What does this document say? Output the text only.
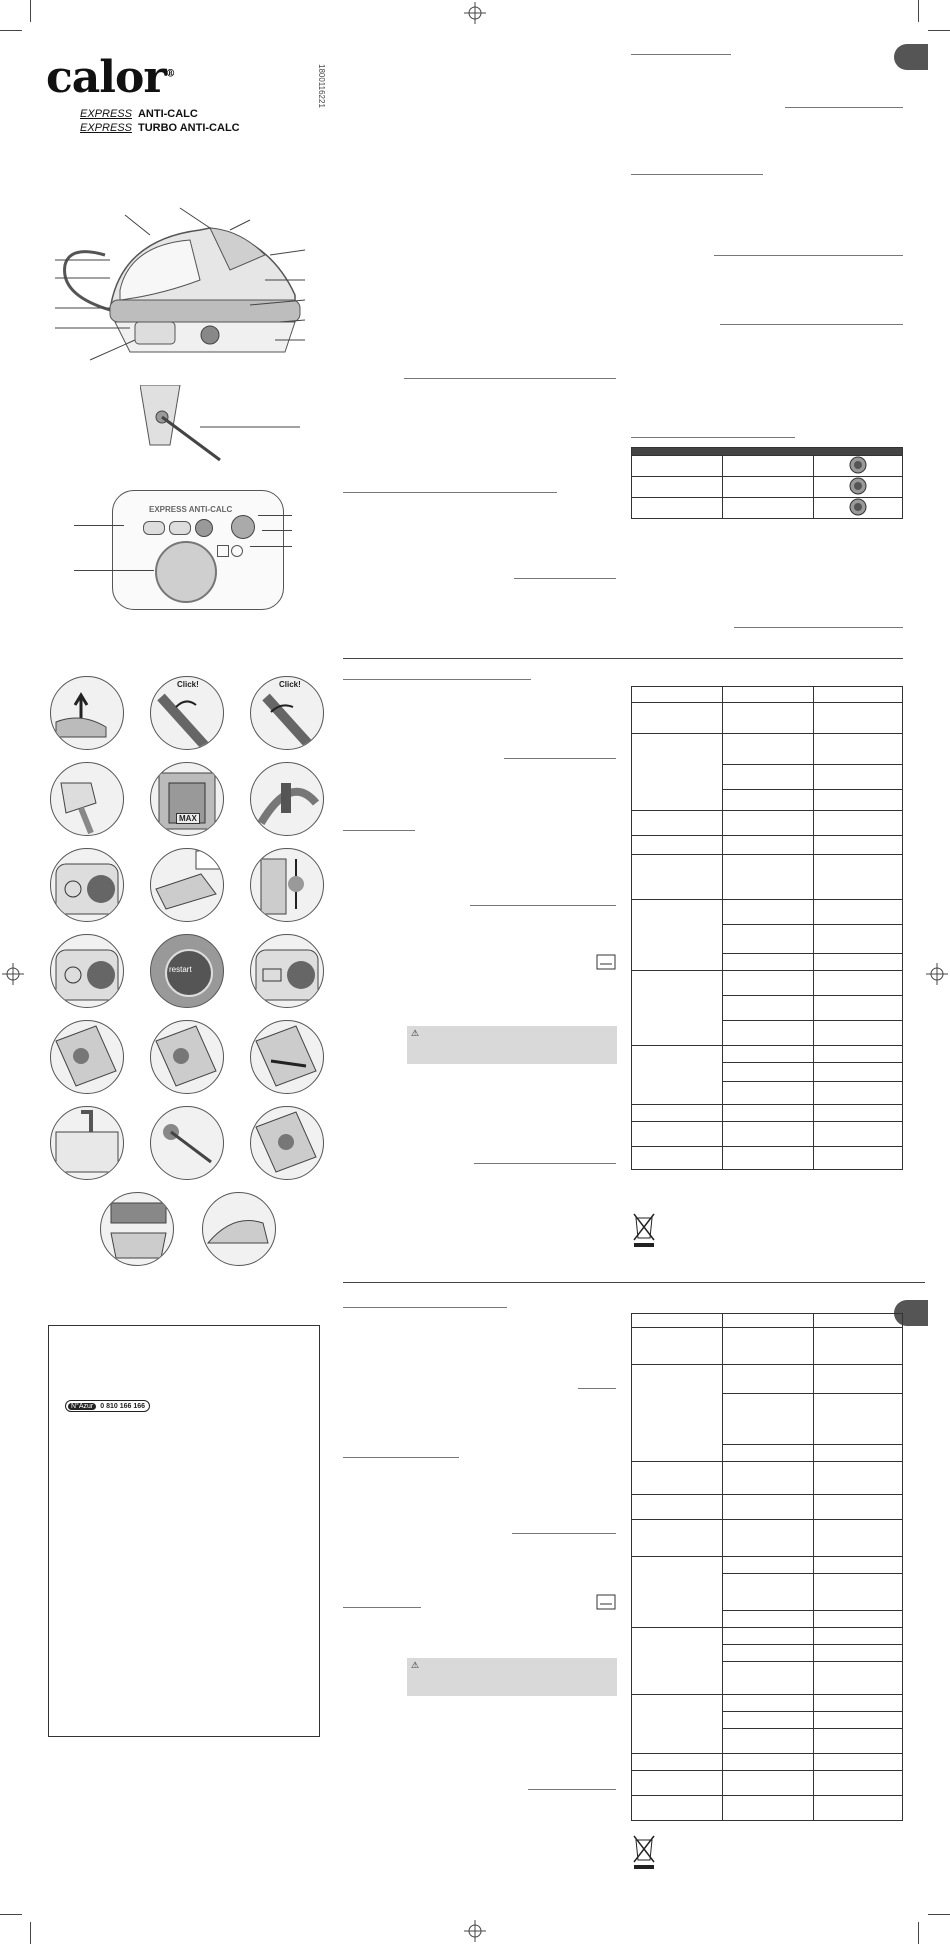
calor®
EXPRESS ANTI-CALC
EXPRESS TURBO ANTI-CALC
1800116221
EXPRESS ANTI-CALC
Click!	Click!
MAX
restart
N°Azur	0 810 166 166
⚠
⚠
